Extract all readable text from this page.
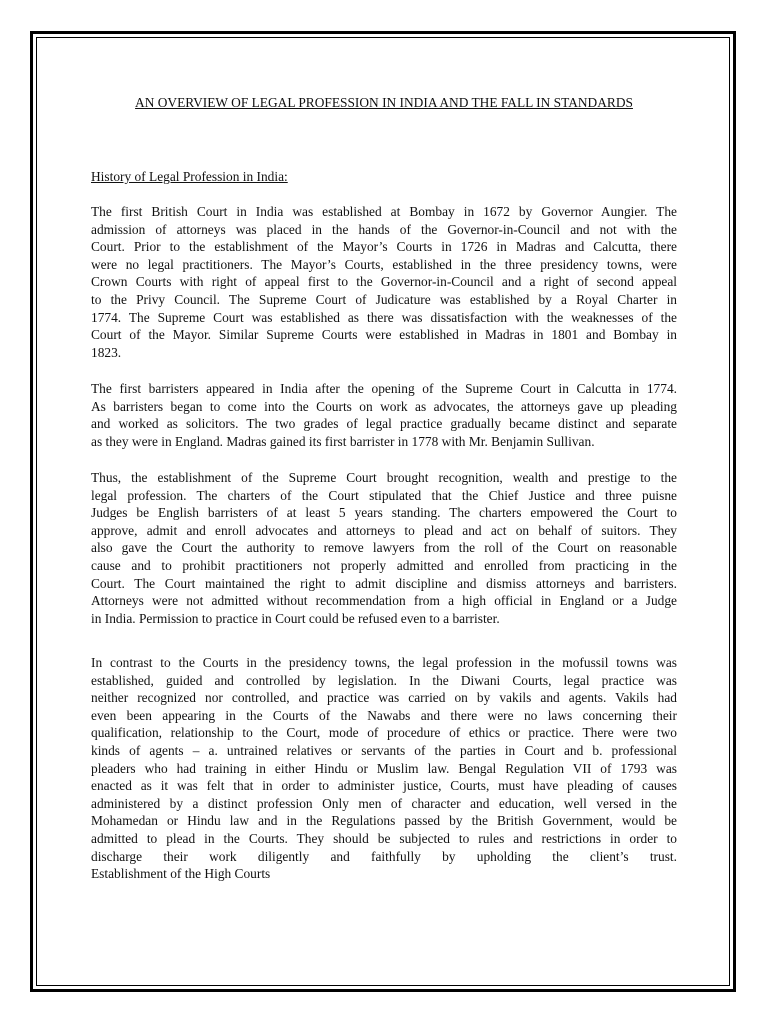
AN OVERVIEW OF LEGAL PROFESSION IN INDIA AND THE FALL IN STANDARDS
History of Legal Profession in India:

The first British Court in India was established at Bombay in 1672 by Governor Aungier. The
admission of attorneys was placed in the hands of the Governor-in-Council and not with the
Court. Prior to the establishment of the Mayor’s Courts in 1726 in Madras and Calcutta, there
were no legal practitioners. The Mayor’s Courts, established in the three presidency towns, were
Crown Courts with right of appeal first to the Governor-in-Council and a right of second appeal
to the Privy Council. The Supreme Court of Judicature was established by a Royal Charter in
1774. The Supreme Court was established as there was dissatisfaction with the weaknesses of the
Court of the Mayor. Similar Supreme Courts were established in Madras in 1801 and Bombay in
1823.

The first barristers appeared in India after the opening of the Supreme Court in Calcutta in 1774.
As barristers began to come into the Courts on work as advocates, the attorneys gave up pleading
and worked as solicitors. The two grades of legal practice gradually became distinct and separate
as they were in England. Madras gained its first barrister in 1778 with Mr. Benjamin Sullivan.

Thus, the establishment of the Supreme Court brought recognition, wealth and prestige to the
legal profession. The charters of the Court stipulated that the Chief Justice and three puisne
Judges be English barristers of at least 5 years standing. The charters empowered the Court to
approve, admit and enroll advocates and attorneys to plead and act on behalf of suitors. They
also gave the Court the authority to remove lawyers from the roll of the Court on reasonable
cause and to prohibit practitioners not properly admitted and enrolled from practicing in the
Court. The Court maintained the right to admit discipline and dismiss attorneys and barristers.
Attorneys were not admitted without recommendation from a high official in England or a Judge
in India. Permission to practice in Court could be refused even to a barrister.

In contrast to the Courts in the presidency towns, the legal profession in the mofussil towns was
established, guided and controlled by legislation. In the Diwani Courts, legal practice was
neither recognized nor controlled, and practice was carried on by vakils and agents. Vakils had
even been appearing in the Courts of the Nawabs and there were no laws concerning their
qualification, relationship to the Court, mode of procedure of ethics or practice. There were two
kinds of agents – a. untrained relatives or servants of the parties in Court and b. professional
pleaders who had training in either Hindu or Muslim law. Bengal Regulation VII of 1793 was
enacted as it was felt that in order to administer justice, Courts, must have pleading of causes
administered by a distinct profession Only men of character and education, well versed in the
Mohamedan or Hindu law and in the Regulations passed by the British Government, would be
admitted to plead in the Courts. They should be subjected to rules and restrictions in order to
discharge their work diligently and faithfully by upholding the client’s trust.
Establishment of the High Courts
